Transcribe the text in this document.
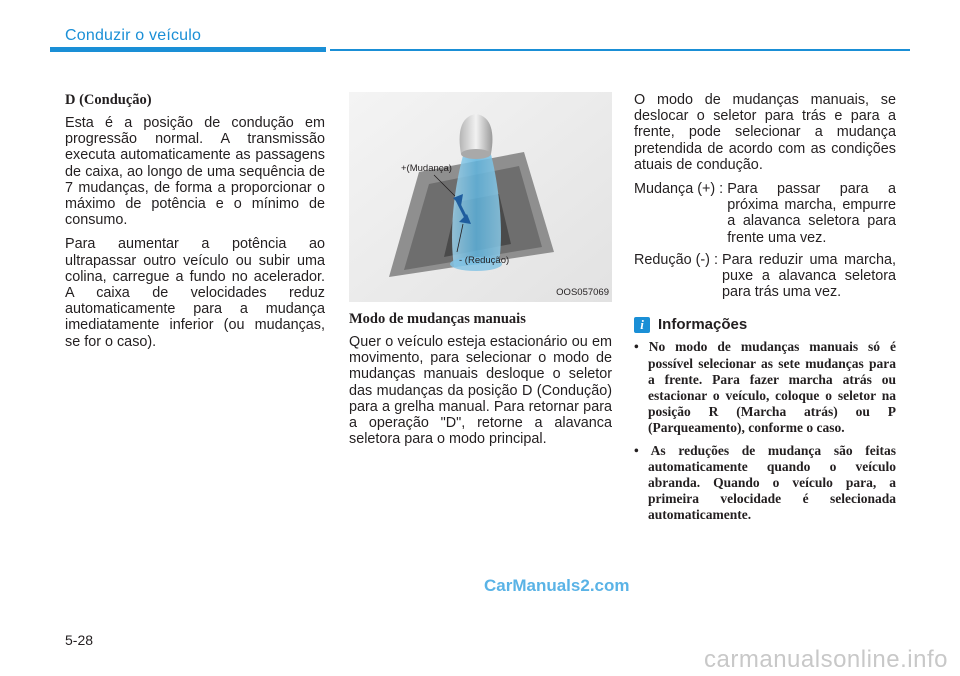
Conduzir o veículo
D (Condução)

Esta é a posição de condução em progressão normal. A transmissão executa automaticamente as passagens de caixa, ao longo de uma sequência de 7 mudanças, de forma a proporcionar o máximo de potência e o mínimo de consumo.

Para aumentar a potência ao ultrapassar outro veículo ou subir uma colina, carregue a fundo no acelerador. A caixa de velocidades reduz automaticamente para a mudança imediatamente inferior (ou mudanças, se for o caso).

+(Mudança)
- (Redução)
OOS057069
Modo de mudanças manuais

Quer o veículo esteja estacionário ou em movimento, para selecionar o modo de mudanças manuais desloque o seletor das mudanças da posição D (Condução) para a grelha manual. Para retornar para a operação "D", retorne a alavanca seletora para o modo principal.

O modo de mudanças manuais, se deslocar o seletor para trás e para a frente, pode selecionar a mudança pretendida de acordo com as condições atuais de condução.

Mudança (+) : Para passar para a próxima marcha, empurre a alavanca seletora para frente uma vez.
Redução (-) : Para reduzir uma marcha, puxe a alavanca seletora para trás uma vez.
i Informações
• No modo de mudanças manuais só é possível selecionar as sete mudanças para a frente. Para fazer marcha atrás ou estacionar o veículo, coloque o seletor na posição R (Marcha atrás) ou P (Parqueamento), conforme o caso.
• As reduções de mudança são feitas automaticamente quando o veículo abranda. Quando o veículo para, a primeira velocidade é selecionada automaticamente.
CarManuals2.com
5-28
carmanualsonline.info
